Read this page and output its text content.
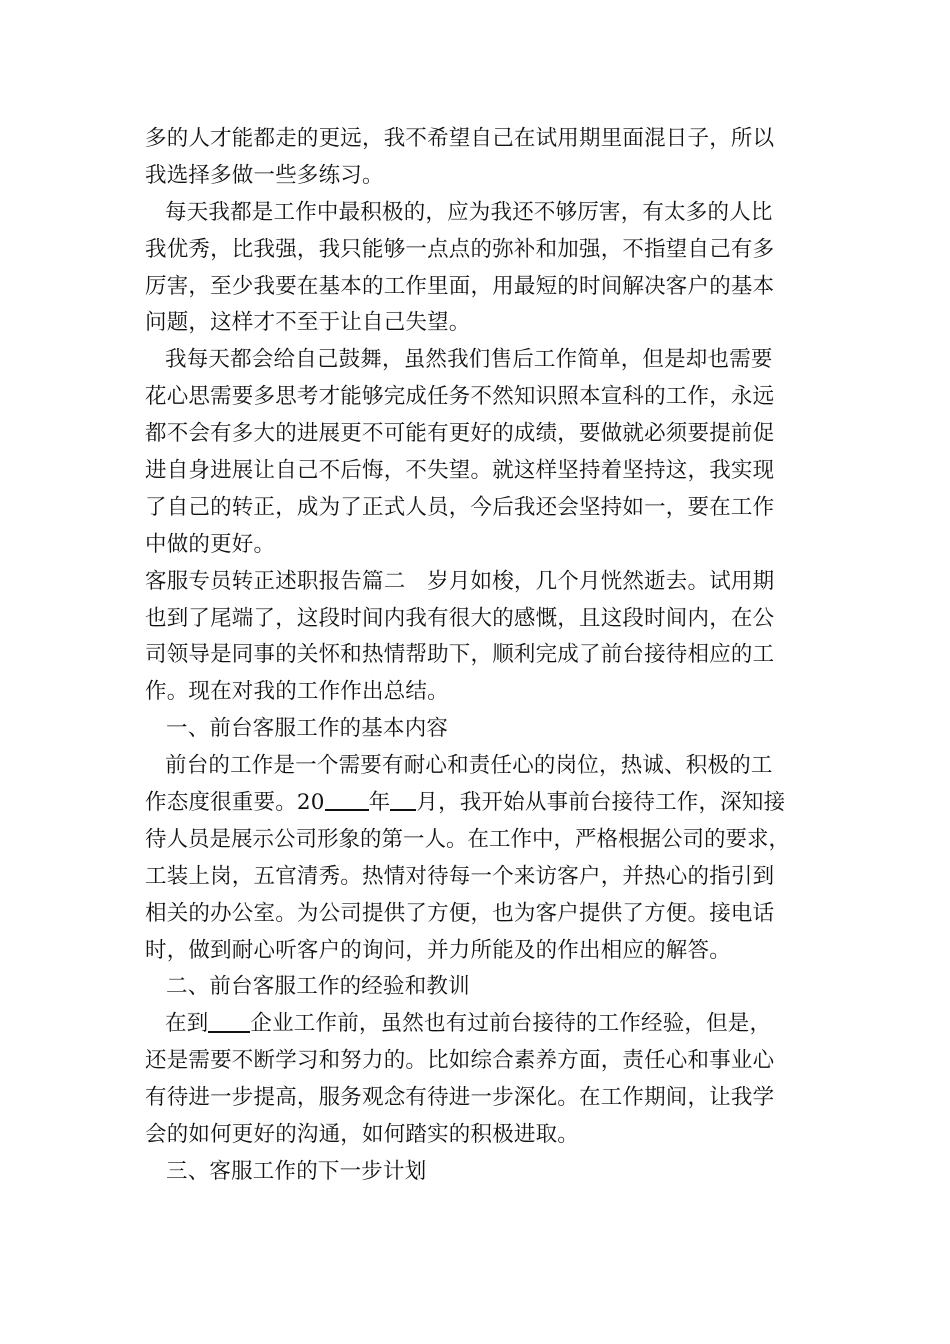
多的人才能都走的更远，我不希望自己在试用期里面混日子，所以
我选择多做一些多练习。
每天我都是工作中最积极的，应为我还不够厉害，有太多的人比
我优秀，比我强，我只能够一点点的弥补和加强，不指望自己有多
厉害，至少我要在基本的工作里面，用最短的时间解决客户的基本
问题，这样才不至于让自己失望。
我每天都会给自己鼓舞，虽然我们售后工作简单，但是却也需要
花心思需要多思考才能够完成任务不然知识照本宣科的工作，永远
都不会有多大的进展更不可能有更好的成绩，要做就必须要提前促
进自身进展让自己不后悔，不失望。就这样坚持着坚持这，我实现
了自己的转正，成为了正式人员，今后我还会坚持如一，要在工作
中做的更好。
客服专员转正述职报告篇二　岁月如梭，几个月恍然逝去。试用期
也到了尾端了，这段时间内我有很大的感慨，且这段时间内，在公
司领导是同事的关怀和热情帮助下，顺利完成了前台接待相应的工
作。现在对我的工作作出总结。
一、前台客服工作的基本内容
前台的工作是一个需要有耐心和责任心的岗位，热诚、积极的工
作态度很重要。20 年 月，我开始从事前台接待工作，深知接
待人员是展示公司形象的第一人。在工作中，严格根据公司的要求，
工装上岗，五官清秀。热情对待每一个来访客户，并热心的指引到
相关的办公室。为公司提供了方便，也为客户提供了方便。接电话
时，做到耐心听客户的询问，并力所能及的作出相应的解答。
二、前台客服工作的经验和教训
在到 企业工作前，虽然也有过前台接待的工作经验，但是，
还是需要不断学习和努力的。比如综合素养方面，责任心和事业心
有待进一步提高，服务观念有待进一步深化。在工作期间，让我学
会的如何更好的沟通，如何踏实的积极进取。
三、客服工作的下一步计划
